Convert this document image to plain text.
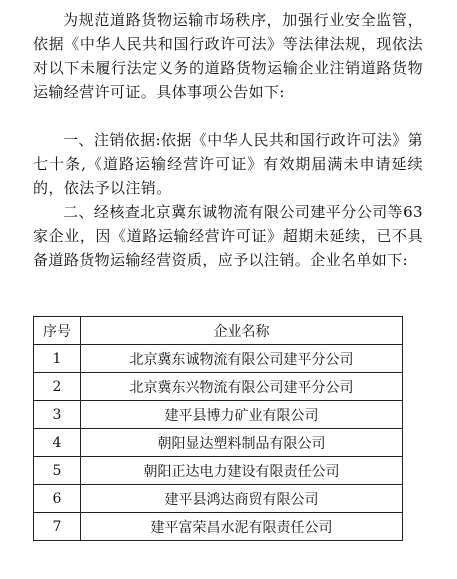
为规范道路货物运输市场秩序，加强行业安全监管，依据《中华人民共和国行政许可法》等法律法规，现依法对以下未履行法定义务的道路货物运输企业注销道路货物运输经营许可证。具体事项公告如下:

一、注销依据:依据《中华人民共和国行政许可法》第七十条,《道路运输经营许可证》有效期届满未申请延续的，依法予以注销。

二、经核查北京冀东诚物流有限公司建平分公司等63家企业，因《道路运输经营许可证》超期未延续，已不具备道路货物运输经营资质，应予以注销。企业名单如下:

序号	企业名称
1	北京冀东诚物流有限公司建平分公司
2	北京冀东兴物流有限公司建平分公司
3	建平县博力矿业有限公司
4	朝阳显达塑料制品有限公司
5	朝阳正达电力建设有限责任公司
6	建平县鸿达商贸有限公司
7	建平富荣昌水泥有限责任公司
